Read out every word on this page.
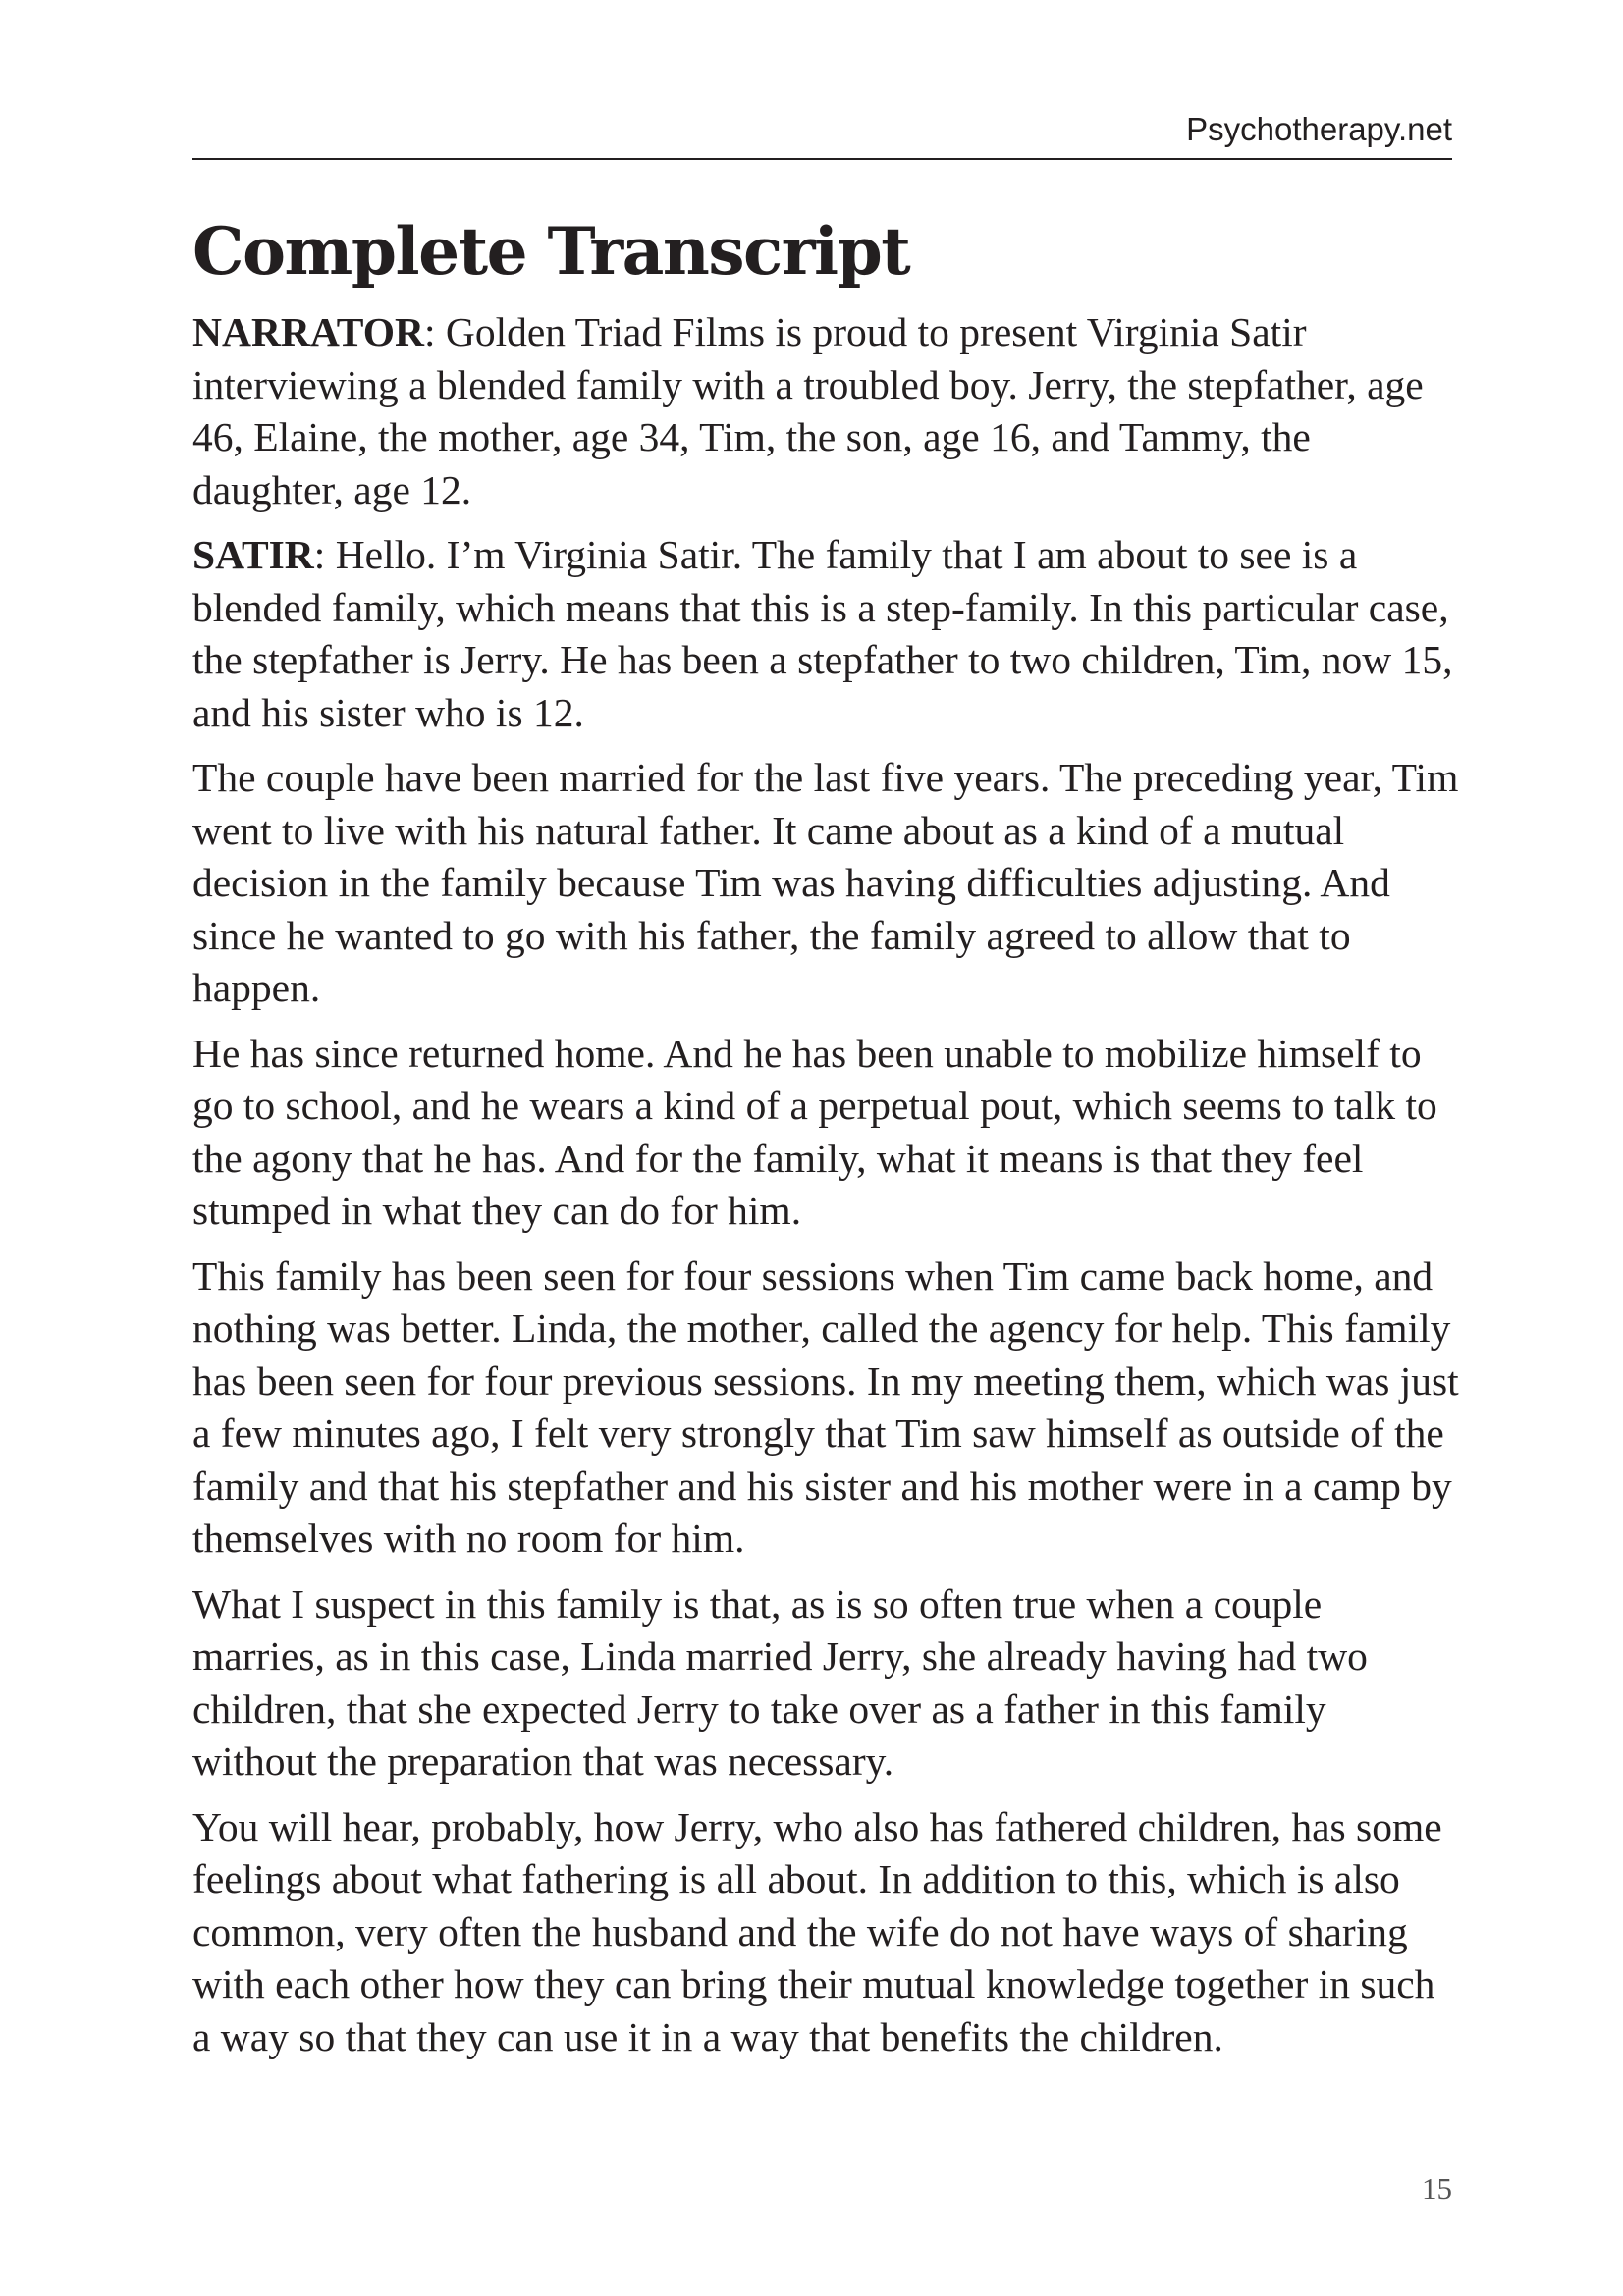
Psychotherapy.net
Complete Transcript

NARRATOR: Golden Triad Films is proud to present Virginia Satir interviewing a blended family with a troubled boy. Jerry, the stepfather, age 46, Elaine, the mother, age 34, Tim, the son, age 16, and Tammy, the daughter, age 12.

SATIR: Hello. I’m Virginia Satir. The family that I am about to see is a blended family, which means that this is a step-family. In this particular case, the stepfather is Jerry. He has been a stepfather to two children, Tim, now 15, and his sister who is 12.

The couple have been married for the last five years. The preceding year, Tim went to live with his natural father. It came about as a kind of a mutual decision in the family because Tim was having difficulties adjusting. And since he wanted to go with his father, the family agreed to allow that to happen.

He has since returned home. And he has been unable to mobilize himself to go to school, and he wears a kind of a perpetual pout, which seems to talk to the agony that he has. And for the family, what it means is that they feel stumped in what they can do for him.

This family has been seen for four sessions when Tim came back home, and nothing was better. Linda, the mother, called the agency for help. This family has been seen for four previous sessions. In my meeting them, which was just a few minutes ago, I felt very strongly that Tim saw himself as outside of the family and that his stepfather and his sister and his mother were in a camp by themselves with no room for him.

What I suspect in this family is that, as is so often true when a couple marries, as in this case, Linda married Jerry, she already having had two children, that she expected Jerry to take over as a father in this family without the preparation that was necessary.

You will hear, probably, how Jerry, who also has fathered children, has some feelings about what fathering is all about. In addition to this, which is also common, very often the husband and the wife do not have ways of sharing with each other how they can bring their mutual knowledge together in such a way so that they can use it in a way that benefits the children.

15
